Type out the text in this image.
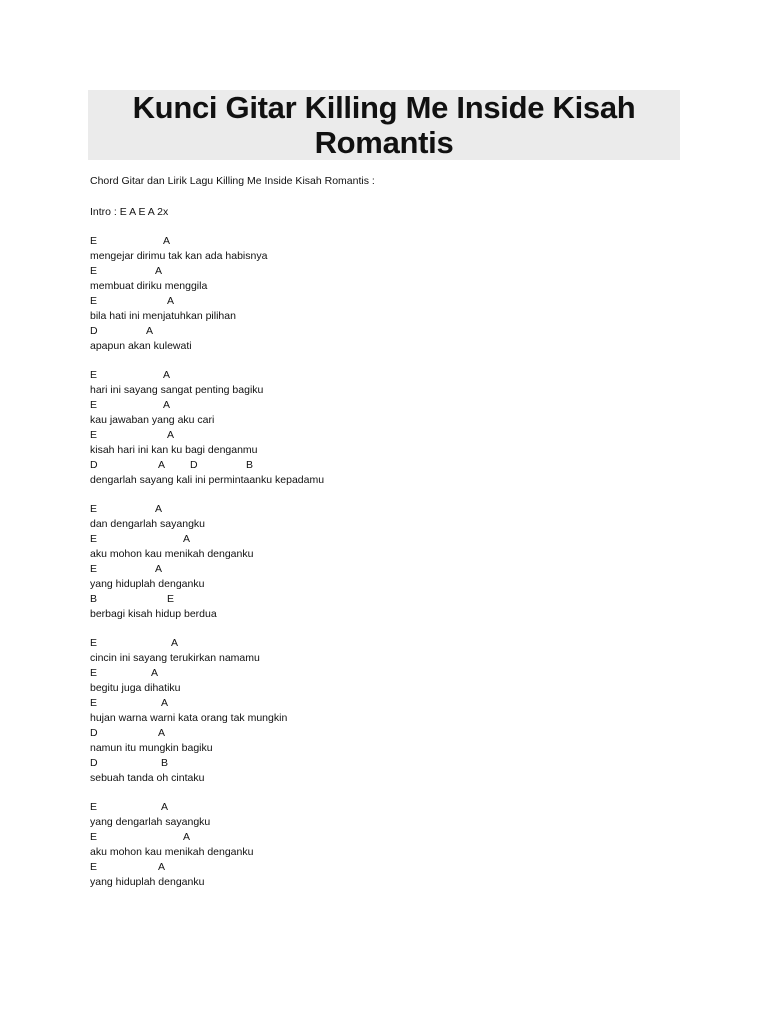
Kunci Gitar Killing Me Inside Kisah Romantis
Chord Gitar dan Lirik Lagu Killing Me Inside Kisah Romantis :
Intro : E A E A 2x
E	A
mengejar dirimu tak kan ada habisnya
E	A
membuat diriku menggila
E	A
bila hati ini menjatuhkan pilihan
D	A
apapun akan kulewati
E	A
hari ini sayang sangat penting bagiku
E	A
kau jawaban yang aku cari
E	A
kisah hari ini kan ku bagi denganmu
D	A D	B
dengarlah sayang kali ini permintaanku kepadamu
E	A
dan dengarlah sayangku
E	A
aku mohon kau menikah denganku
E	A
yang hiduplah denganku
B	E
berbagi kisah hidup berdua
E	A
cincin ini sayang terukirkan namamu
E	A
begitu juga dihatiku
E	A
hujan warna warni kata orang tak mungkin
D	A
namun itu mungkin bagiku
D	B
sebuah tanda oh cintaku
E	A
yang dengarlah sayangku
E	A
aku mohon kau menikah denganku
E	A
yang hiduplah denganku
